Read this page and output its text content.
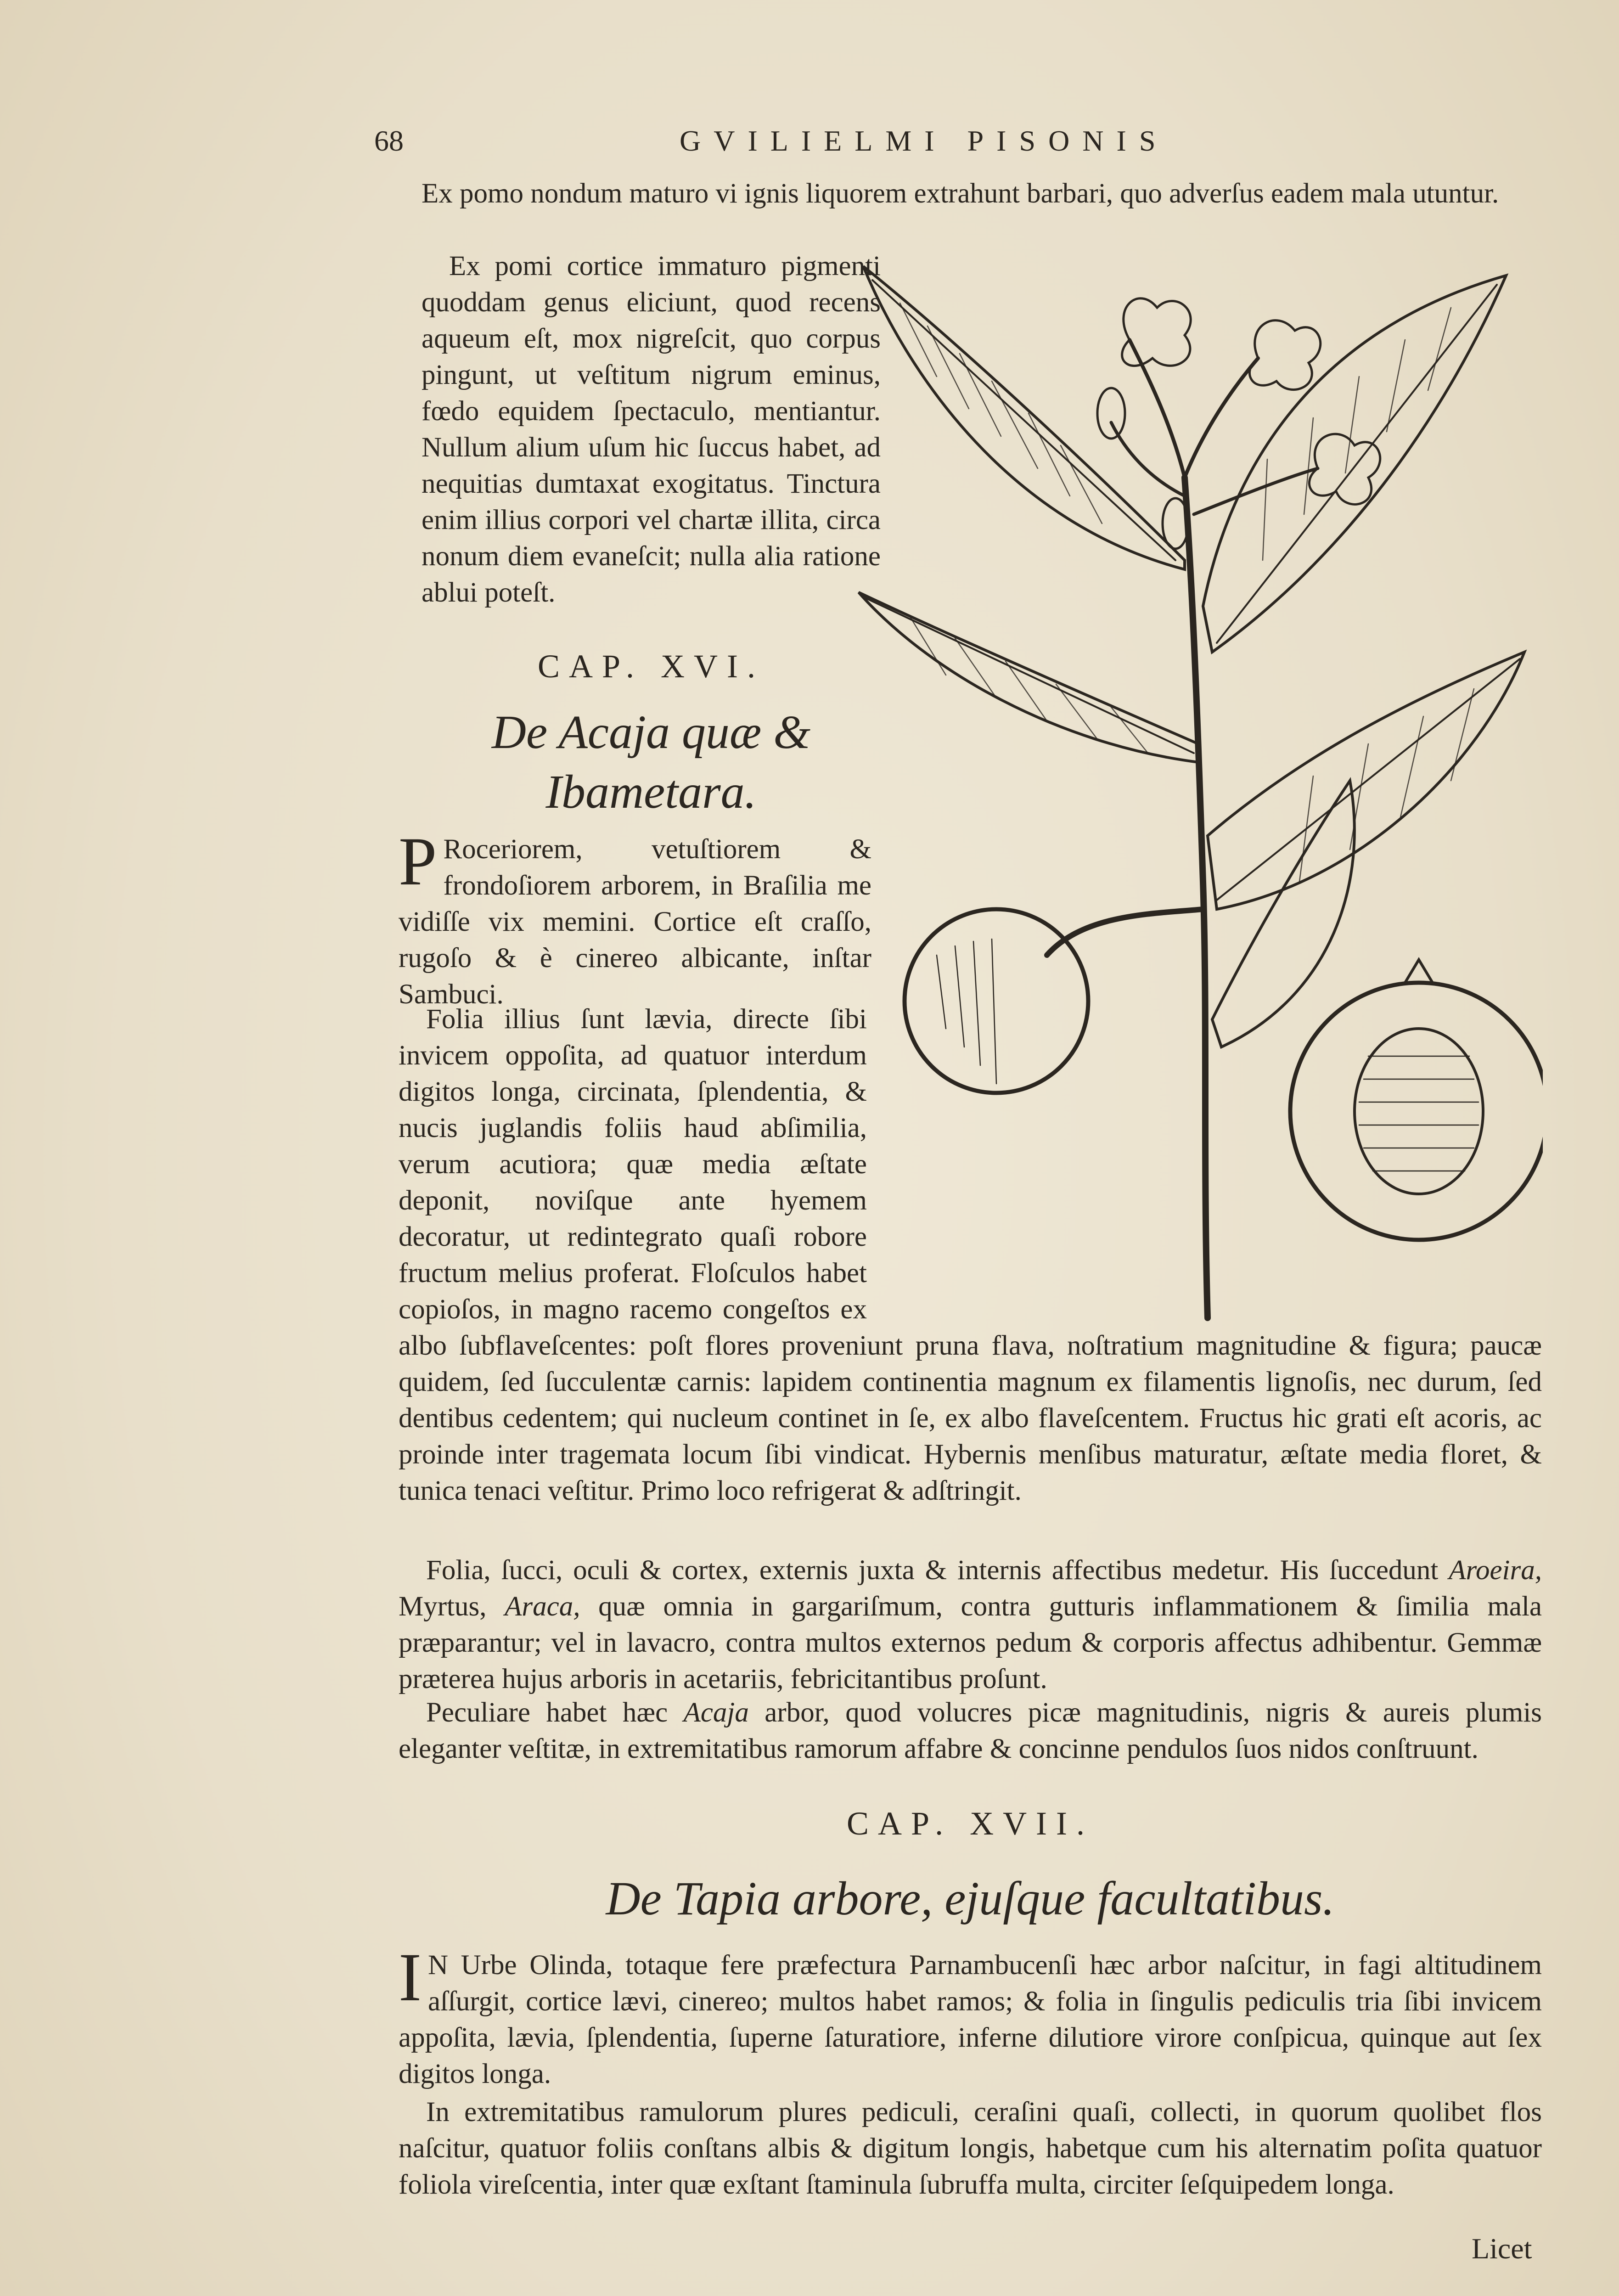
68	GVILIELMI PISONIS

Ex pomo nondum maturo vi ignis liquorem extrahunt barbari, quo adverſus eadem mala utuntur.

Ex pomi cortice immaturo pigmenti quoddam genus eliciunt, quod recens aqueum eſt, mox nigreſcit, quo corpus pingunt, ut veſtitum nigrum eminus, fœdo equidem ſpectaculo, mentiantur. Nullum alium uſum hic ſuccus habet, ad nequitias dumtaxat exogitatus. Tinctura enim illius corpori vel chartæ illita, circa nonum diem evaneſcit; nulla alia ratione ablui poteſt.

CAP. XVI.
De Acaja quæ &
Ibametara.

P Roceriorem, vetuſtiorem & frondoſiorem arborem, in Braſilia me vidiſſe vix memini. Cortice eſt craſſo, rugoſo & è cinereo albicante, inſtar Sambuci.

Folia illius ſunt lævia, directe ſibi invicem oppoſita, ad quatuor interdum digitos longa, circinata, ſplendentia, & nucis juglandis foliis haud abſimilia, verum acutiora; quæ media æſtate deponit, noviſque ante hyemem decoratur, ut redintegrato quaſi robore fructum melius proferat. Floſculos habet copioſos, in magno racemo congeſtos ex albo ſubflaveſcentes: poſt flores proveniunt pruna flava, noſtratium magnitudine & figura; paucæ quidem, ſed ſucculentæ carnis: lapidem continentia magnum ex filamentis lignoſis, nec durum, ſed dentibus cedentem; qui nucleum continet in ſe, ex albo flaveſcentem. Fructus hic grati eſt acoris, ac proinde inter tragemata locum ſibi vindicat. Hybernis menſibus maturatur, æſtate media floret, & tunica tenaci veſtitur. Primo loco refrigerat & adſtringit.

Folia, ſucci, oculi & cortex, externis juxta & internis affectibus medetur. His ſuccedunt Aroeira, Myrtus, Araca, quæ omnia in gargariſmum, contra gutturis inflammationem & ſimilia mala præparantur; vel in lavacro, contra multos externos pedum & corporis affectus adhibentur. Gemmæ præterea hujus arboris in acetariis, febricitantibus proſunt.

Peculiare habet hæc Acaja arbor, quod volucres picæ magnitudinis, nigris & aureis plumis eleganter veſtitæ, in extremitatibus ramorum affabre & concinne pendulos ſuos nidos conſtruunt.

CAP. XVII.
De Tapia arbore, ejuſque facultatibus.

I N Urbe Olinda, totaque fere præfectura Parnambucenſi hæc arbor naſcitur, in fagi altitudinem aſſurgit, cortice lævi, cinereo; multos habet ramos; & folia in ſingulis pediculis tria ſibi invicem appoſita, lævia, ſplendentia, ſuperne ſaturatiore, inferne dilutiore virore conſpicua, quinque aut ſex digitos longa.

In extremitatibus ramulorum plures pediculi, ceraſini quaſi, collecti, in quorum quolibet flos naſcitur, quatuor foliis conſtans albis & digitum longis, habetque cum his alternatim poſita quatuor foliola vireſcentia, inter quæ exſtant ſtaminula ſubruffa multa, circiter ſeſquipedem longa.

Licet
